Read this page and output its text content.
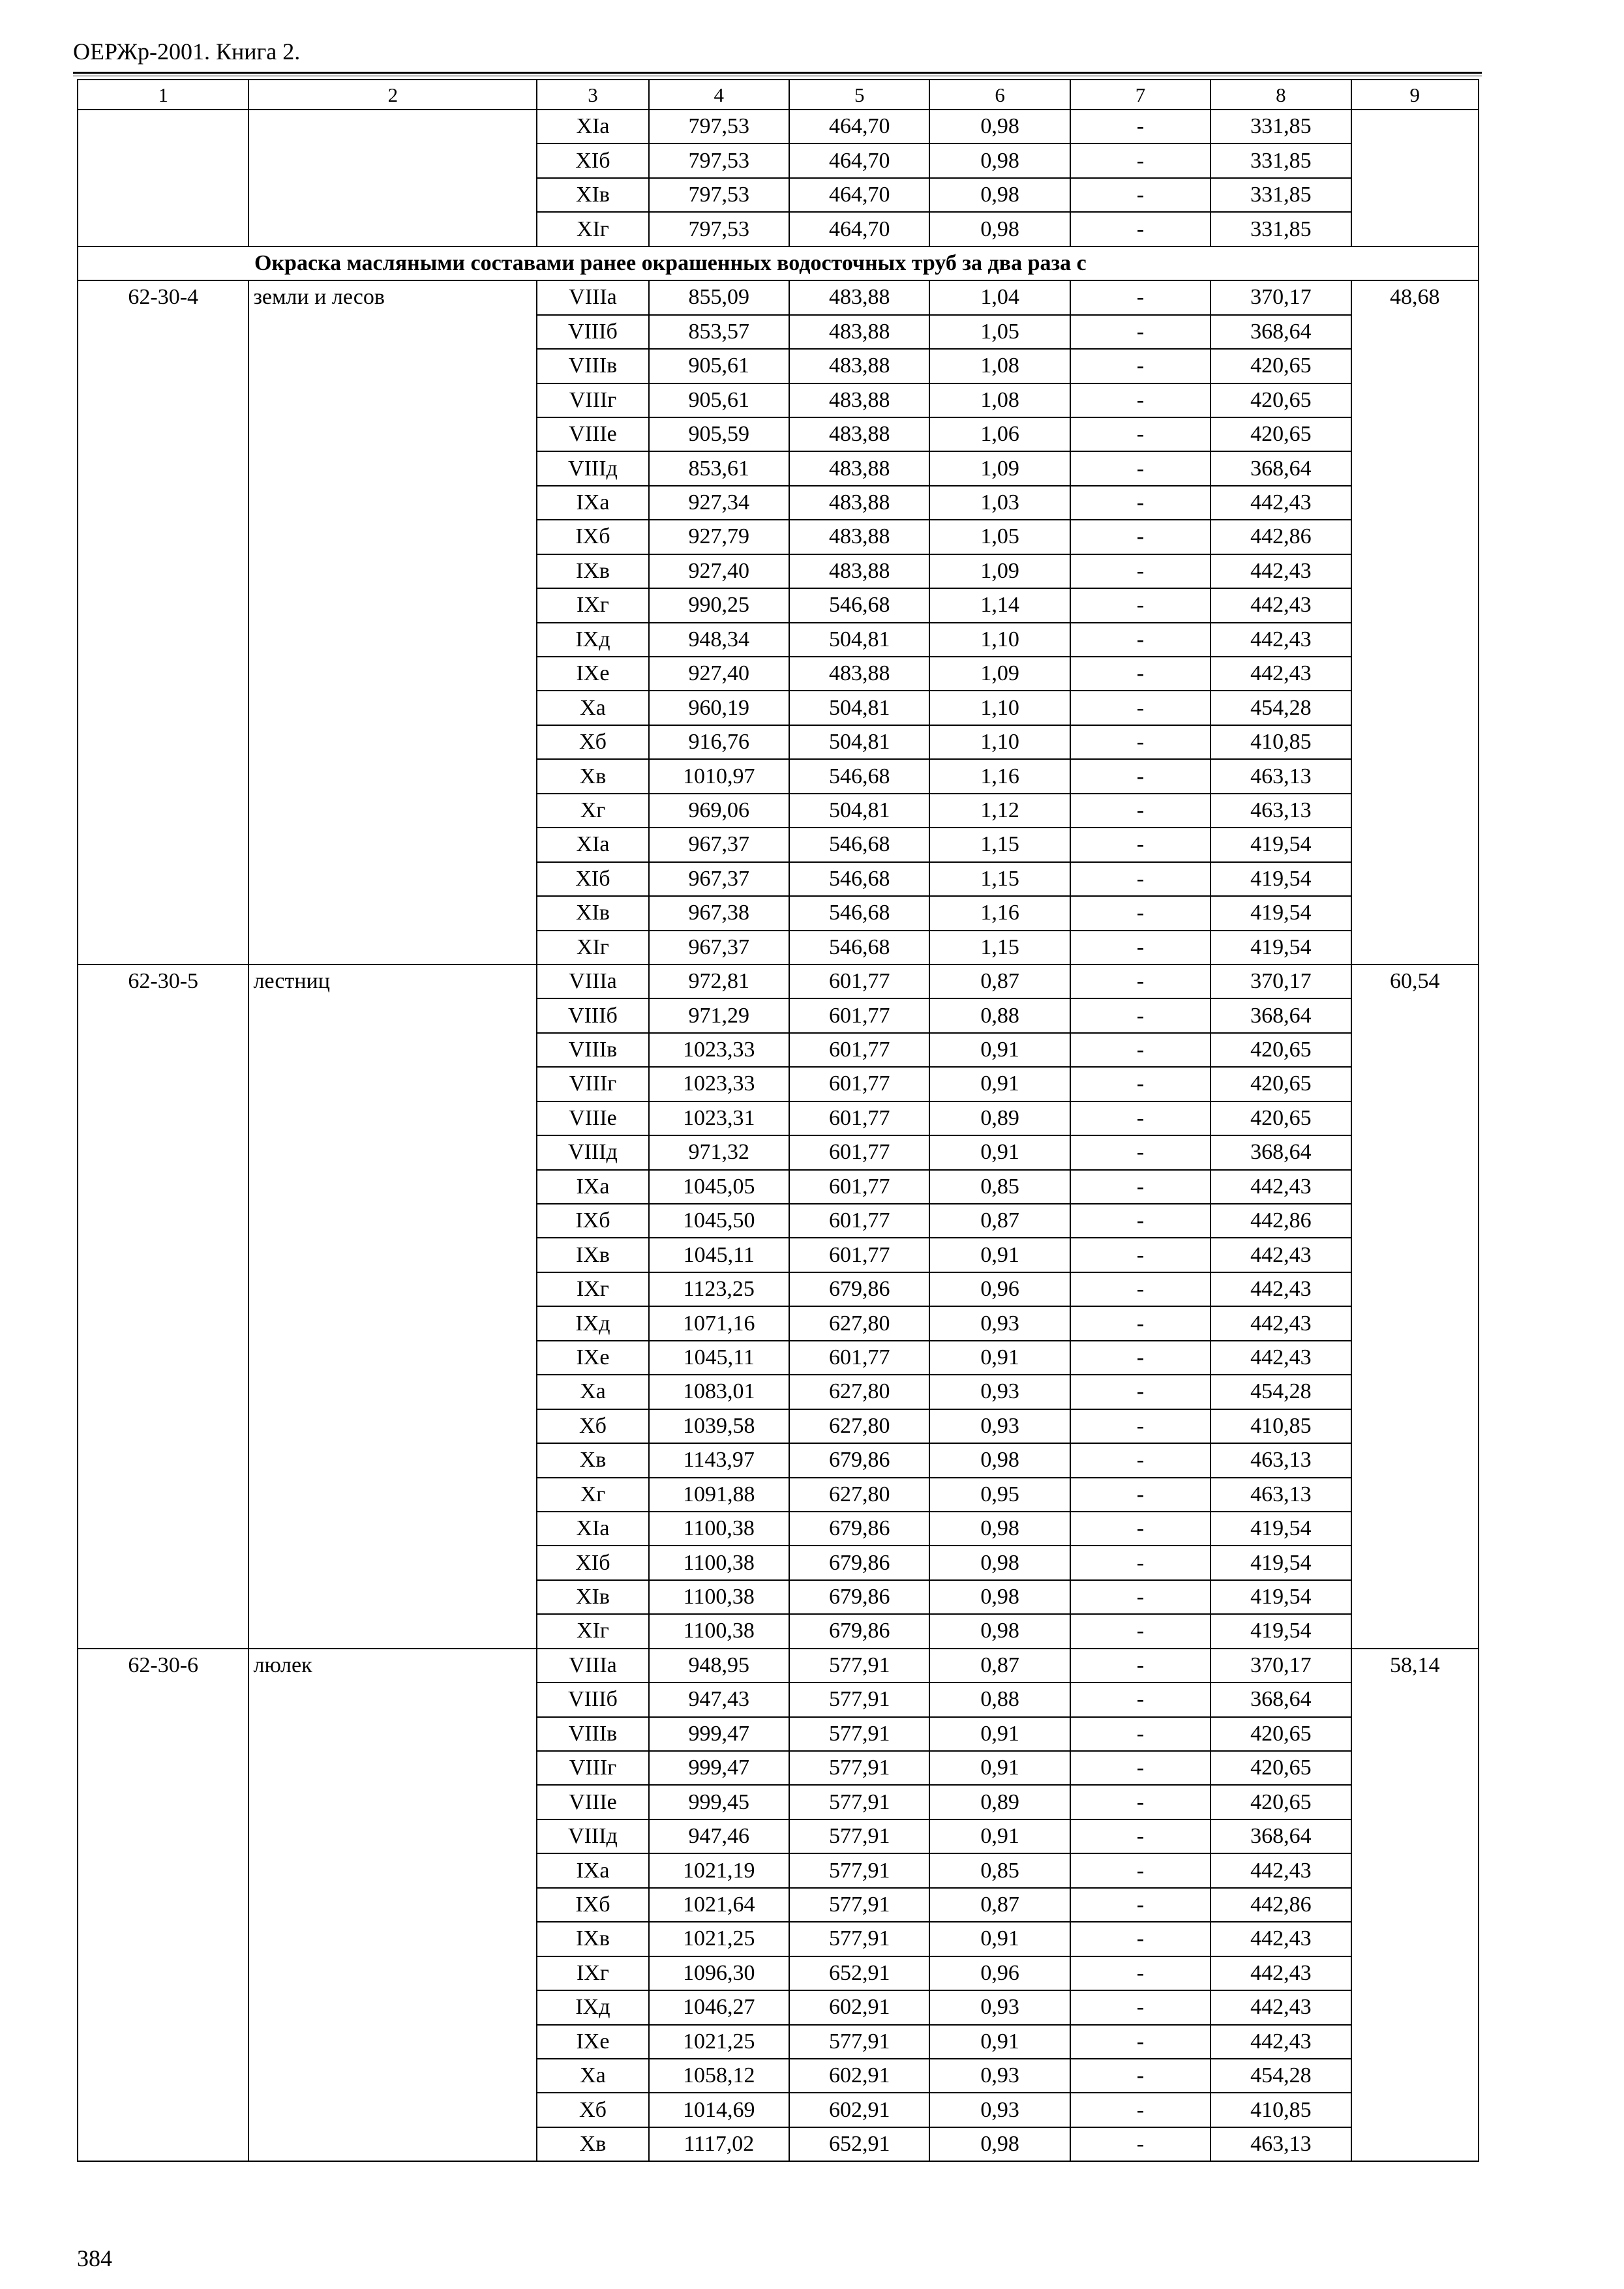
ОЕРЖр-2001. Книга 2.
1	2	3	4	5	6	7	8	9
		XIа	797,53	464,70	0,98	-	331,85	
		XIб	797,53	464,70	0,98	-	331,85	
		XIв	797,53	464,70	0,98	-	331,85	
		XIг	797,53	464,70	0,98	-	331,85	
Окраска масляными составами ранее окрашенных водосточных труб за два раза с								
62-30-4	земли и лесов	VIIIа	855,09	483,88	1,04	-	370,17	48,68
		VIIIб	853,57	483,88	1,05	-	368,64	
		VIIIв	905,61	483,88	1,08	-	420,65	
		VIIIг	905,61	483,88	1,08	-	420,65	
		VIIIе	905,59	483,88	1,06	-	420,65	
		VIIIд	853,61	483,88	1,09	-	368,64	
		IXа	927,34	483,88	1,03	-	442,43	
		IXб	927,79	483,88	1,05	-	442,86	
		IXв	927,40	483,88	1,09	-	442,43	
		IXг	990,25	546,68	1,14	-	442,43	
		IXд	948,34	504,81	1,10	-	442,43	
		IXе	927,40	483,88	1,09	-	442,43	
		Xа	960,19	504,81	1,10	-	454,28	
		Xб	916,76	504,81	1,10	-	410,85	
		Xв	1010,97	546,68	1,16	-	463,13	
		Xг	969,06	504,81	1,12	-	463,13	
		XIа	967,37	546,68	1,15	-	419,54	
		XIб	967,37	546,68	1,15	-	419,54	
		XIв	967,38	546,68	1,16	-	419,54	
		XIг	967,37	546,68	1,15	-	419,54	
62-30-5	лестниц	VIIIа	972,81	601,77	0,87	-	370,17	60,54
		VIIIб	971,29	601,77	0,88	-	368,64	
		VIIIв	1023,33	601,77	0,91	-	420,65	
		VIIIг	1023,33	601,77	0,91	-	420,65	
		VIIIе	1023,31	601,77	0,89	-	420,65	
		VIIIд	971,32	601,77	0,91	-	368,64	
		IXа	1045,05	601,77	0,85	-	442,43	
		IXб	1045,50	601,77	0,87	-	442,86	
		IXв	1045,11	601,77	0,91	-	442,43	
		IXг	1123,25	679,86	0,96	-	442,43	
		IXд	1071,16	627,80	0,93	-	442,43	
		IXе	1045,11	601,77	0,91	-	442,43	
		Xа	1083,01	627,80	0,93	-	454,28	
		Xб	1039,58	627,80	0,93	-	410,85	
		Xв	1143,97	679,86	0,98	-	463,13	
		Xг	1091,88	627,80	0,95	-	463,13	
		XIа	1100,38	679,86	0,98	-	419,54	
		XIб	1100,38	679,86	0,98	-	419,54	
		XIв	1100,38	679,86	0,98	-	419,54	
		XIг	1100,38	679,86	0,98	-	419,54	
62-30-6	люлек	VIIIа	948,95	577,91	0,87	-	370,17	58,14
		VIIIб	947,43	577,91	0,88	-	368,64	
		VIIIв	999,47	577,91	0,91	-	420,65	
		VIIIг	999,47	577,91	0,91	-	420,65	
		VIIIе	999,45	577,91	0,89	-	420,65	
		VIIIд	947,46	577,91	0,91	-	368,64	
		IXа	1021,19	577,91	0,85	-	442,43	
		IXб	1021,64	577,91	0,87	-	442,86	
		IXв	1021,25	577,91	0,91	-	442,43	
		IXг	1096,30	652,91	0,96	-	442,43	
		IXд	1046,27	602,91	0,93	-	442,43	
		IXе	1021,25	577,91	0,91	-	442,43	
		Xа	1058,12	602,91	0,93	-	454,28	
		Xб	1014,69	602,91	0,93	-	410,85	
		Xв	1117,02	652,91	0,98	-	463,13	
384
